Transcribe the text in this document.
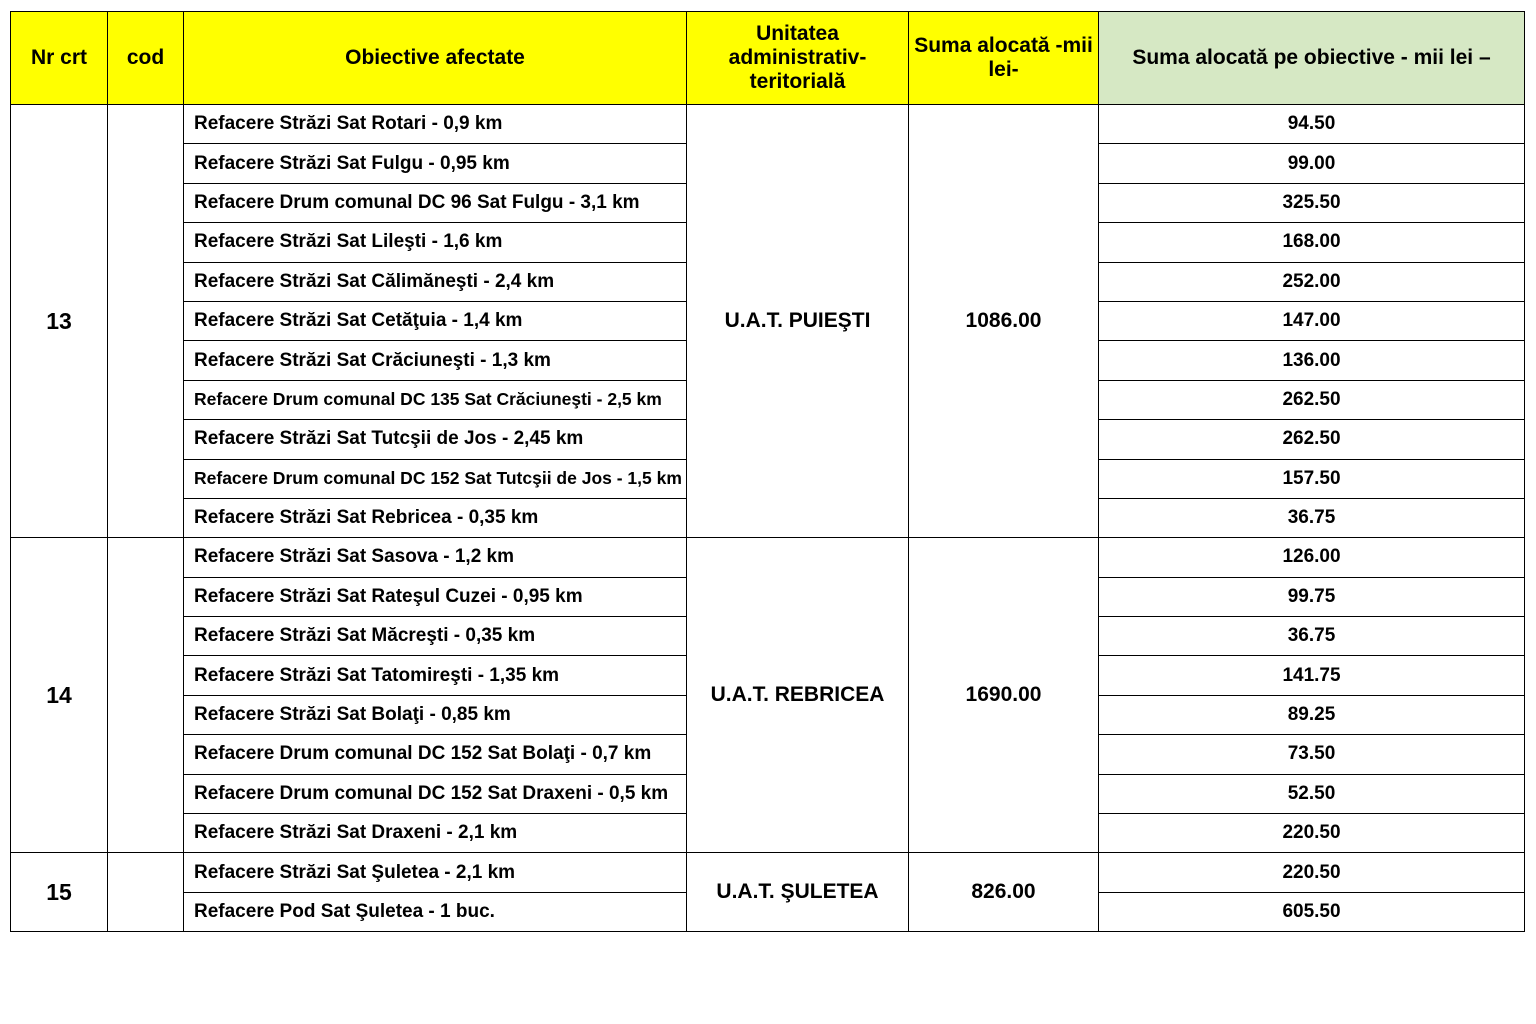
Nr crt	cod	Obiective afectate	Unitatea administrativ-teritorială	Suma alocată -mii lei-	Suma alocată pe obiective - mii lei –
13		Refacere Străzi Sat Rotari - 0,9 km	U.A.T. PUIEŞTI	1086.00	94.50
		Refacere Străzi Sat Fulgu - 0,95 km			99.00
		Refacere Drum comunal DC 96 Sat Fulgu - 3,1 km			325.50
		Refacere Străzi Sat Lileşti - 1,6 km			168.00
		Refacere Străzi Sat Călimăneşti - 2,4 km			252.00
		Refacere Străzi Sat Cetăţuia - 1,4 km			147.00
		Refacere Străzi Sat Crăciuneşti - 1,3 km			136.00
		Refacere Drum comunal DC 135 Sat Crăciuneşti - 2,5 km			262.50
		Refacere Străzi Sat Tutcşii de Jos - 2,45 km			262.50
		Refacere Drum comunal DC 152 Sat Tutcşii de Jos - 1,5 km			157.50
		Refacere Străzi Sat Rebricea - 0,35 km			36.75
14		Refacere Străzi Sat Sasova - 1,2 km	U.A.T. REBRICEA	1690.00	126.00
		Refacere Străzi Sat Rateşul Cuzei - 0,95 km			99.75
		Refacere Străzi Sat Măcreşti - 0,35 km			36.75
		Refacere Străzi Sat Tatomireşti - 1,35 km			141.75
		Refacere Străzi Sat Bolaţi - 0,85 km			89.25
		Refacere Drum comunal DC 152 Sat Bolaţi - 0,7 km			73.50
		Refacere Drum comunal DC 152 Sat Draxeni - 0,5 km			52.50
		Refacere Străzi Sat Draxeni - 2,1 km			220.50
15		Refacere Străzi Sat Şuletea - 2,1 km	U.A.T. ŞULETEA	826.00	220.50
		Refacere Pod Sat Şuletea - 1 buc.			605.50
